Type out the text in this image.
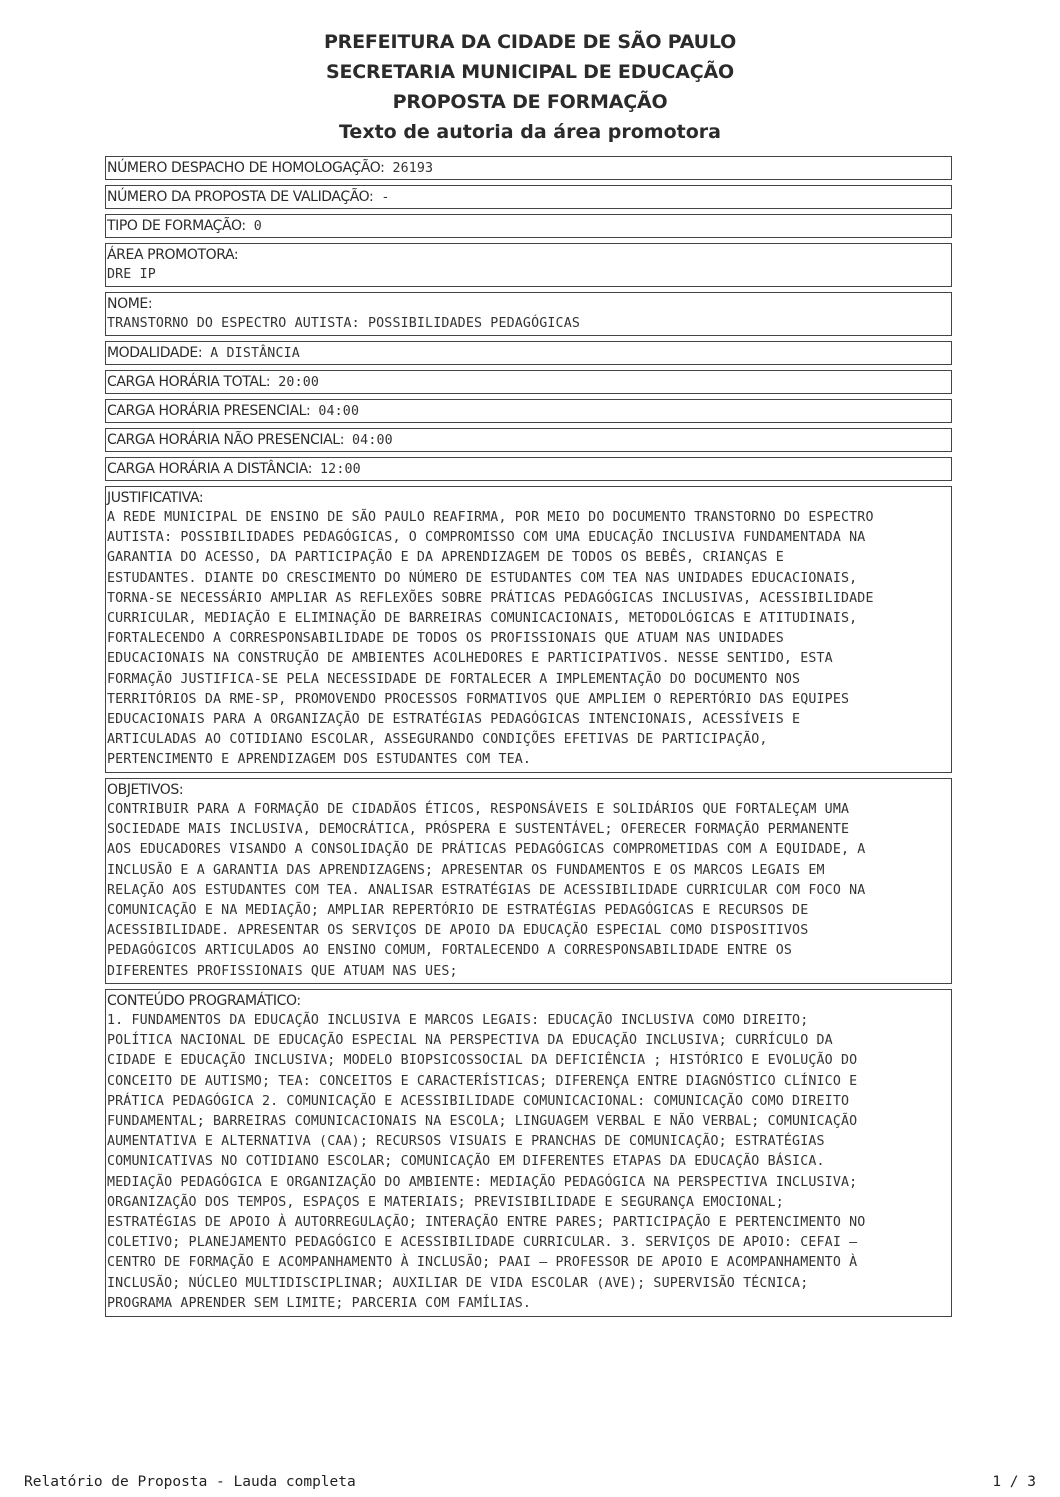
PREFEITURA DA CIDADE DE SÃO PAULO
SECRETARIA MUNICIPAL DE EDUCAÇÃO
PROPOSTA DE FORMAÇÃO
Texto de autoria da área promotora
NÚMERO DESPACHO DE HOMOLOGAÇÃO: 26193
NÚMERO DA PROPOSTA DE VALIDAÇÃO: -
TIPO DE FORMAÇÃO: 0
ÁREA PROMOTORA:
DRE IP
NOME:
TRANSTORNO DO ESPECTRO AUTISTA: POSSIBILIDADES PEDAGÓGICAS
MODALIDADE: A DISTÂNCIA
CARGA HORÁRIA TOTAL: 20:00
CARGA HORÁRIA PRESENCIAL: 04:00
CARGA HORÁRIA NÃO PRESENCIAL: 04:00
CARGA HORÁRIA A DISTÂNCIA: 12:00
JUSTIFICATIVA:
A REDE MUNICIPAL DE ENSINO DE SÃO PAULO REAFIRMA, POR MEIO DO DOCUMENTO TRANSTORNO DO ESPECTRO
AUTISTA: POSSIBILIDADES PEDAGÓGICAS, O COMPROMISSO COM UMA EDUCAÇÃO INCLUSIVA FUNDAMENTADA NA
GARANTIA DO ACESSO, DA PARTICIPAÇÃO E DA APRENDIZAGEM DE TODOS OS BEBÊS, CRIANÇAS E
ESTUDANTES. DIANTE DO CRESCIMENTO DO NÚMERO DE ESTUDANTES COM TEA NAS UNIDADES EDUCACIONAIS,
TORNA-SE NECESSÁRIO AMPLIAR AS REFLEXÕES SOBRE PRÁTICAS PEDAGÓGICAS INCLUSIVAS, ACESSIBILIDADE
CURRICULAR, MEDIAÇÃO E ELIMINAÇÃO DE BARREIRAS COMUNICACIONAIS, METODOLÓGICAS E ATITUDINAIS,
FORTALECENDO A CORRESPONSABILIDADE DE TODOS OS PROFISSIONAIS QUE ATUAM NAS UNIDADES
EDUCACIONAIS NA CONSTRUÇÃO DE AMBIENTES ACOLHEDORES E PARTICIPATIVOS. NESSE SENTIDO, ESTA
FORMAÇÃO JUSTIFICA-SE PELA NECESSIDADE DE FORTALECER A IMPLEMENTAÇÃO DO DOCUMENTO NOS
TERRITÓRIOS DA RME-SP, PROMOVENDO PROCESSOS FORMATIVOS QUE AMPLIEM O REPERTÓRIO DAS EQUIPES
EDUCACIONAIS PARA A ORGANIZAÇÃO DE ESTRATÉGIAS PEDAGÓGICAS INTENCIONAIS, ACESSÍVEIS E
ARTICULADAS AO COTIDIANO ESCOLAR, ASSEGURANDO CONDIÇÕES EFETIVAS DE PARTICIPAÇÃO,
PERTENCIMENTO E APRENDIZAGEM DOS ESTUDANTES COM TEA.
OBJETIVOS:
CONTRIBUIR PARA A FORMAÇÃO DE CIDADÃOS ÉTICOS, RESPONSÁVEIS E SOLIDÁRIOS QUE FORTALEÇAM UMA
SOCIEDADE MAIS INCLUSIVA, DEMOCRÁTICA, PRÓSPERA E SUSTENTÁVEL; OFERECER FORMAÇÃO PERMANENTE
AOS EDUCADORES VISANDO A CONSOLIDAÇÃO DE PRÁTICAS PEDAGÓGICAS COMPROMETIDAS COM A EQUIDADE, A
INCLUSÃO E A GARANTIA DAS APRENDIZAGENS; APRESENTAR OS FUNDAMENTOS E OS MARCOS LEGAIS EM
RELAÇÃO AOS ESTUDANTES COM TEA. ANALISAR ESTRATÉGIAS DE ACESSIBILIDADE CURRICULAR COM FOCO NA
COMUNICAÇÃO E NA MEDIAÇÃO; AMPLIAR REPERTÓRIO DE ESTRATÉGIAS PEDAGÓGICAS E RECURSOS DE
ACESSIBILIDADE. APRESENTAR OS SERVIÇOS DE APOIO DA EDUCAÇÃO ESPECIAL COMO DISPOSITIVOS
PEDAGÓGICOS ARTICULADOS AO ENSINO COMUM, FORTALECENDO A CORRESPONSABILIDADE ENTRE OS
DIFERENTES PROFISSIONAIS QUE ATUAM NAS UES;
CONTEÚDO PROGRAMÁTICO:
1. FUNDAMENTOS DA EDUCAÇÃO INCLUSIVA E MARCOS LEGAIS: EDUCAÇÃO INCLUSIVA COMO DIREITO;
POLÍTICA NACIONAL DE EDUCAÇÃO ESPECIAL NA PERSPECTIVA DA EDUCAÇÃO INCLUSIVA; CURRÍCULO DA
CIDADE E EDUCAÇÃO INCLUSIVA; MODELO BIOPSICOSSOCIAL DA DEFICIÊNCIA ; HISTÓRICO E EVOLUÇÃO DO
CONCEITO DE AUTISMO; TEA: CONCEITOS E CARACTERÍSTICAS; DIFERENÇA ENTRE DIAGNÓSTICO CLÍNICO E
PRÁTICA PEDAGÓGICA 2. COMUNICAÇÃO E ACESSIBILIDADE COMUNICACIONAL: COMUNICAÇÃO COMO DIREITO
FUNDAMENTAL; BARREIRAS COMUNICACIONAIS NA ESCOLA; LINGUAGEM VERBAL E NÃO VERBAL; COMUNICAÇÃO
AUMENTATIVA E ALTERNATIVA (CAA); RECURSOS VISUAIS E PRANCHAS DE COMUNICAÇÃO; ESTRATÉGIAS
COMUNICATIVAS NO COTIDIANO ESCOLAR; COMUNICAÇÃO EM DIFERENTES ETAPAS DA EDUCAÇÃO BÁSICA.
MEDIAÇÃO PEDAGÓGICA E ORGANIZAÇÃO DO AMBIENTE: MEDIAÇÃO PEDAGÓGICA NA PERSPECTIVA INCLUSIVA;
ORGANIZAÇÃO DOS TEMPOS, ESPAÇOS E MATERIAIS; PREVISIBILIDADE E SEGURANÇA EMOCIONAL;
ESTRATÉGIAS DE APOIO À AUTORREGULAÇÃO; INTERAÇÃO ENTRE PARES; PARTICIPAÇÃO E PERTENCIMENTO NO
COLETIVO; PLANEJAMENTO PEDAGÓGICO E ACESSIBILIDADE CURRICULAR. 3. SERVIÇOS DE APOIO: CEFAI —
CENTRO DE FORMAÇÃO E ACOMPANHAMENTO À INCLUSÃO; PAAI — PROFESSOR DE APOIO E ACOMPANHAMENTO À
INCLUSÃO; NÚCLEO MULTIDISCIPLINAR; AUXILIAR DE VIDA ESCOLAR (AVE); SUPERVISÃO TÉCNICA;
PROGRAMA APRENDER SEM LIMITE; PARCERIA COM FAMÍLIAS.
Relatório de Proposta - Lauda completa	1 / 3
